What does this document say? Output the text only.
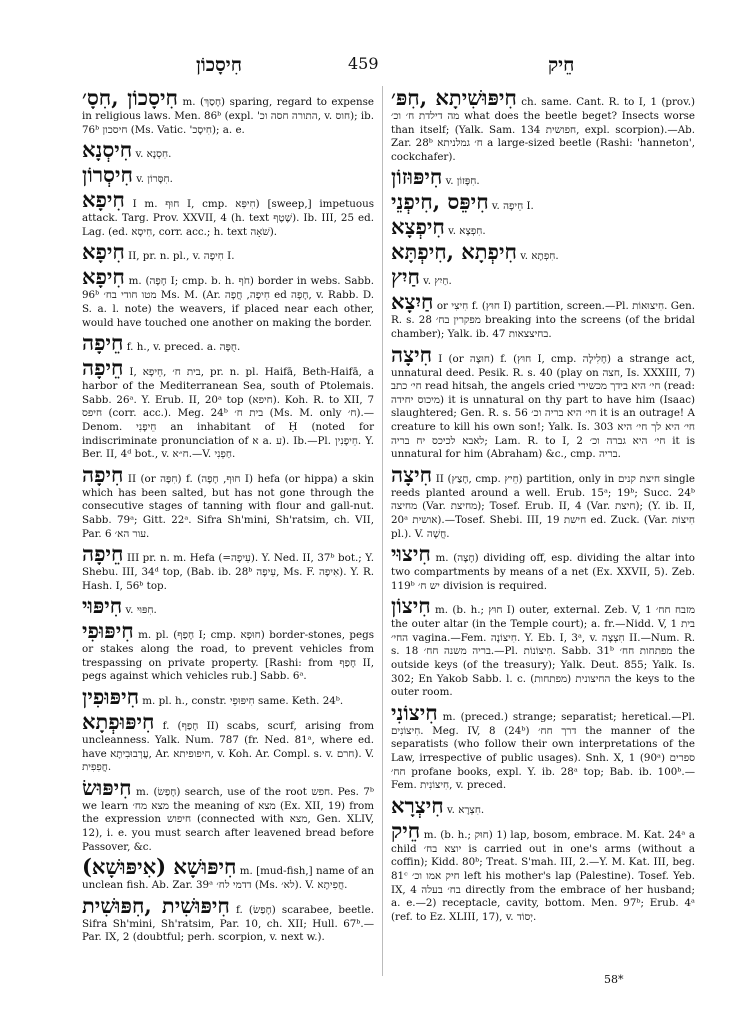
חִיסָכוֹן	459	חֵיק

חִיסָכוֹן ,חִסָ׳ m. (חָסַךְ) sparing, regard to expense in religious laws. Men. 86ᵇ (expl. 'התורה חסה וכ, v. חוס); ib. 76ᵇ חיסכון (Ms. Vatic. 'חִיסָכ); a. e.

חִיסְנָא v. חִסְנָא.

חִיסְרוֹן v. חִסָּרוֹן.

חִיפָא I m. חוּף I, cmp. חִיפְּא) [sweep,] impetuous attack. Targ. Prov. XXVII, 4 (h. text שֶׁטֶף). Ib. III, 25 ed. Lag. (ed. חִיסָא, corr. acc.; h. text שֹׁאָה).

חִיפָא II, pr. n. pl., v. חִיפָה I.

חִיפָא m. (חָפָה I; cmp. b. h. חֹף) border in webs. Sabb. 96ᵇ מטו חודי בח׳ Ms. M. (Ar. חִיפָה, חֲפָה ed חָפָה, v. Rabb. D. S. a. l. note) the weavers, if placed near each other, would have touched one another on making the border.

חֵיפָה f. h., v. preced. a. חֻפָּה.

חֵיפָה I, בית ח׳ ,חֵיפָא, pr. n. pl. Haifā, Beth-Haifā, a harbor of the Mediterranean Sea, south of Ptolemais. Sabb. 26ᵃ. Y. Erub. II, 20ᵃ top (חיפא). Koh. R. to XII, 7 חיפס (corr. acc.). Meg. 24ᵇ בית ח׳ (Ms. M. only ח׳).—Denom. חֵיפָנִי an inhabitant of Ḥ (noted for indiscriminate pronunciation of א a. ע). Ib.—Pl. חֵיפָנִין. Y. Ber. II, 4ᵈ bot., v. ח״א.—V. חַפְנִי.

חִיפָה II (or חִפָּה) f. (חוּף, חָפָה I) hefa (or hippa) a skin which has been salted, but has not gone through the consecutive stages of tanning with flour and gall-nut. Sabb. 79ᵃ; Gitt. 22ᵃ. Sifra Sh'mini, Sh'ratsim, ch. VII, Par. 6 עור הא׳.

חֵיפָה III pr. n. m. Hefa (=עֵיפָה). Y. Ned. II, 37ᵇ bot.; Y. Shebu. III, 34ᵈ top, (Bab. ib. 28ᵇ עֵיפָה, Ms. F. אִיפָה). Y. R. Hash. I, 56ᵇ top.

חִיפּוּי v. חִפּוּי.

חִיפּוּפִי m. pl. (חָפַף I; cmp. חוּפָא) border-stones, pegs or stakes along the road, to prevent vehicles from trespassing on private property. [Rashi: from חָפַף II, pegs against which vehicles rub.] Sabb. 6ᵃ.

חִיפּוּפִין m. pl. h., constr. חִיפּוּפֵי same. Keth. 24ᵇ.

חִיפּוּפְתָא f. (חָפַף II) scabs, scurf, arising from uncleanness. Yalk. Num. 787 (fr. Ned. 81ᵃ, where ed. have עֲרְבוּבִיתָא, Ar. חיפופיתא, v. Koh. Ar. Compl. s. v. חרם). V. חֲפִפִית.

חִיפּוּשׂ m. (חָפַשׂ) search, use of the root חפש. Pes. 7ᵇ we learn מצא מח׳ the meaning of מצא (Ex. XII, 19) from the expression חיפוש (connected with מצא, Gen. XLIV, 12), i. e. you must search after leavened bread before Passover, &c.

חִיפּוּשָׁא (אִיפּוּשָׁא) m. [mud-fish,] name of an unclean fish. Ab. Zar. 39ᵃ דדמי לח׳ (Ms. לא׳). V. חֲפִיתָא.

חִיפּוּשִׁית ,חִפּוּשִׁית f. (חָפַשׂ) scarabee, beetle. Sifra Sh'mini, Sh'ratsim, Par. 10, ch. XII; Hull. 67ᵇ.—Par. IX, 2 (doubtful; perh. scorpion, v. next w.).

חִיפּוּשִׁיתָא ,חִפּ׳ ch. same. Cant. R. to I, 1 (prov.) מה דילדת ח׳ וכ׳ what does the beetle beget? Insects worse than itself; (Yalk. Sam. 134 חפושית, expl. scorpion).—Ab. Zar. 28ᵇ ח׳ גמלניתא a large-sized beetle (Rashi: 'hanneton', cockchafer).

חִיפּוּזוֹן v. חִפָּזוֹן.

חִיפֵּס ,חִיפְנֵי v. חֵיפָה I.

חִיפְצָא v. חִפְצָא.

חִיפְתָא ,חִיפְתָּא v. חִפְתָא.

חַיִץ v. חַיִץ.

חַיִצָא or חִיצִי f. (חוּץ I) partition, screen.—Pl. חִיצוּאוֹת. Gen. R. s. 28 מפקרין בח׳ breaking into the screens (of the bridal chamber); Yalk. ib. 47 בחיצצאות.

חִיצָה I (or חוּצָה) f. (חוּץ I, cmp. חָלִילָה) a strange act, unnatural deed. Pesik. R. s. 40 (play on חצה, Is. XXXIII, 7) חי׳ כתב read hitsah, the angels cried חי׳ היא בידך מכשירי (read: מיכוס יחידה) it is unnatural on thy part to have him (Isaac) slaughtered; Gen. R. s. 56 חי׳ היא בריה וכ׳ it is an outrage! A creature to kill his own son!; Yalk. Is. 303 חי׳ היא לך חי׳ היא לאבא לכיכס יח בריה; Lam. R. to I, 2 חי׳ היא גברה וכ׳ it is unnatural for him (Abraham) &c., cmp. בריה.

חִיצָה II (חָצַץ, cmp. חֵיץ) partition, only in חיצת קנים single reeds planted around a well. Erub. 15ᵃ; 19ᵇ; Succ. 24ᵇ מחיצה (Var. מחיצת); Tosef. Erub. II, 4 (Var. חיצת); (Y. ib. II, 20ᵃ אושית).—Tosef. Shebi. III, 19 חישת ed. Zuck. (Var. חִיצוֹת pl.). V. חֲשָׁה.

חִיצוּי m. (חָצָה) dividing off, esp. dividing the altar into two compartments by means of a net (Ex. XXVII, 5). Zeb. 119ᵇ יש ח׳ division is required.

חִיצוֹן m. (b. h.; חוּץ I) outer, external. Zeb. V, 1 מזבח חח׳ the outer altar (in the Temple court); a. fr.—Nidd. V, 1 בית החי׳ vagina.—Fem. חִיצוֹנָה. Y. Eb. I, 3ᵃ, v. חִצְצָה II.—Num. R. s. 18 בריה משנה חח׳.—Pl. חִיצוֹנוֹת. Sabb. 31ᵇ מפתחות חח׳ the outside keys (of the treasury); Yalk. Deut. 855; Yalk. Is. 302; En Yakob Sabb. l. c. (מפתחות) החיצונית the keys to the outer room.

חִיצוֹנִי m. (preced.) strange; separatist; heretical.—Pl. חִיצוֹנִים. Meg. IV, 8 (24ᵇ) דרך חח׳ the manner of the separatists (who follow their own interpretations of the Law, irrespective of public usages). Snh. X, 1 (90ᵃ) ספרים חח׳ profane books, expl. Y. ib. 28ᵃ top; Bab. ib. 100ᵇ.—Fem. חִיצוֹנִית, v. preced.

חִיצְרָא v. חִצְרָא.

חֵיק m. (b. h.; חוּק) 1) lap, bosom, embrace. M. Kat. 24ᵃ a child יוצא בח׳ is carried out in one's arms (without a coffin); Kidd. 80ᵇ; Treat. S'mah. III, 2.—Y. M. Kat. III, beg. 81ᶜ חיק אמו וכ׳ left his mother's lap (Palestine). Tosef. Yeb. IX, 4 בח׳ בעלה directly from the embrace of her husband; a. e.—2) receptacle, cavity, bottom. Men. 97ᵇ; Erub. 4ᵃ (ref. to Ez. XLIII, 17), v. יְסוֹד.

58*
